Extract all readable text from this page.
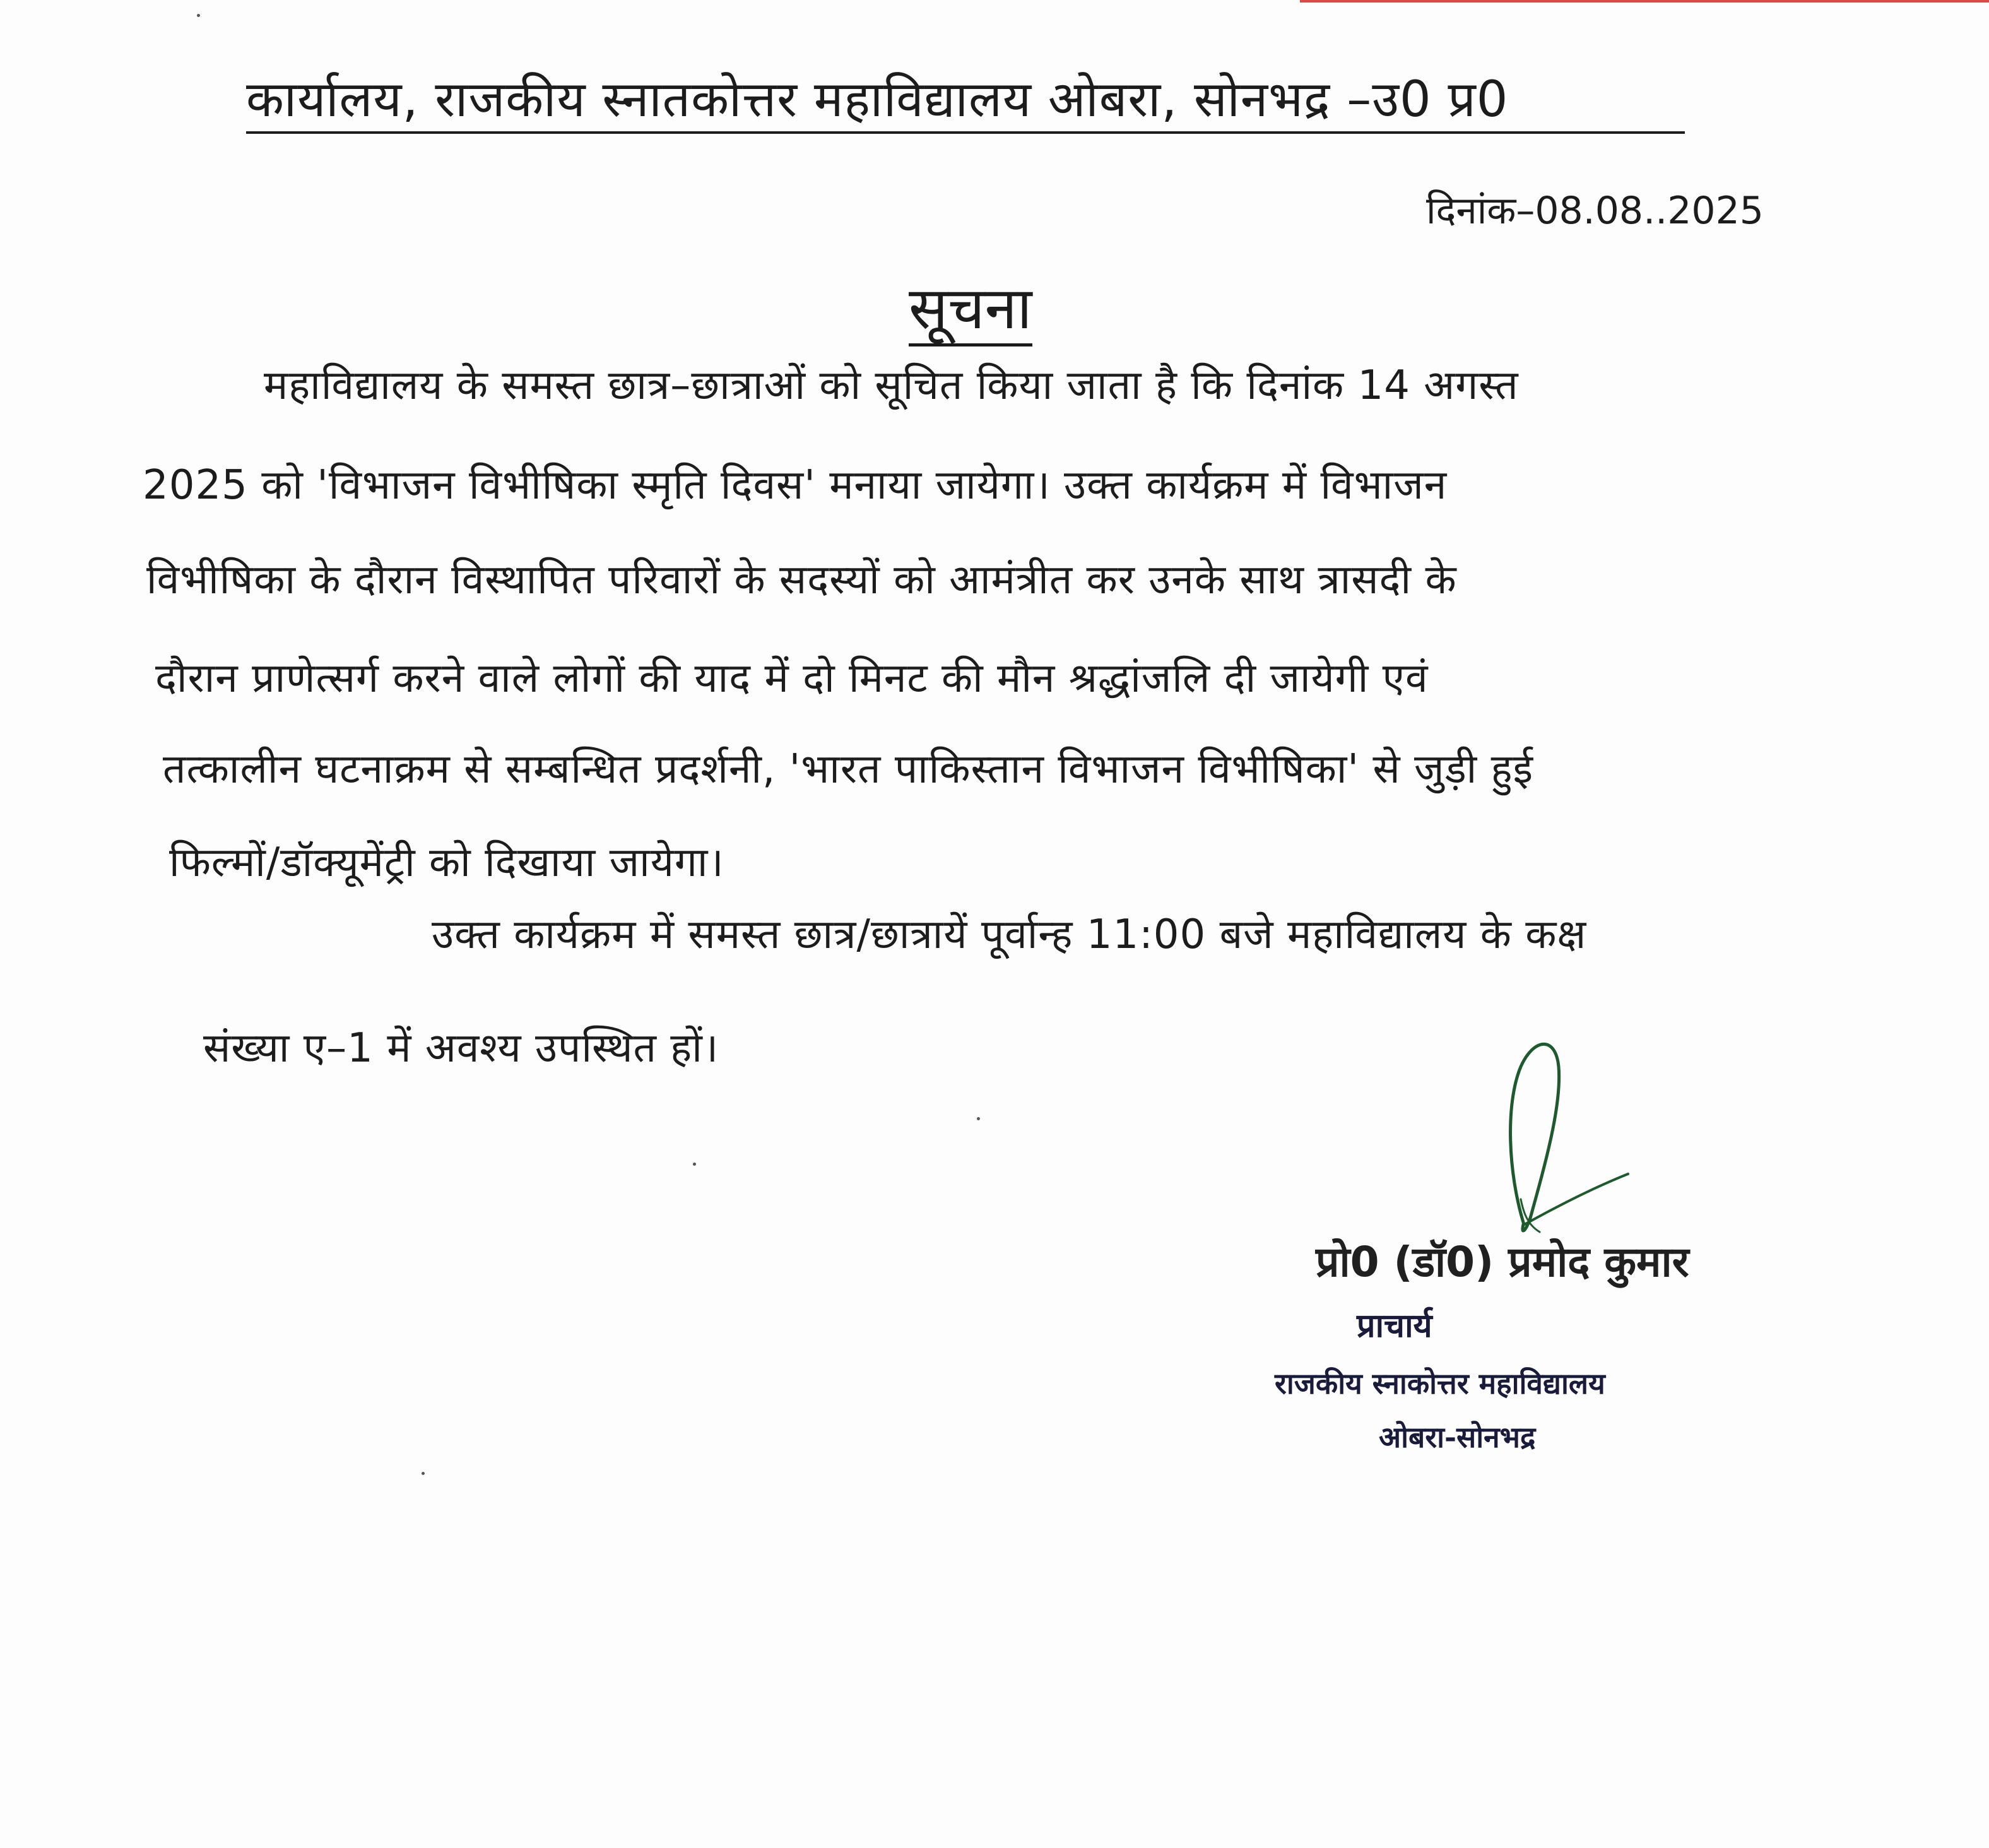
कार्यालय, राजकीय स्नातकोत्तर महाविद्यालय ओबरा, सोनभद्र –उ0 प्र0
दिनांक–08.08..2025
सूचना
महाविद्यालय के समस्त छात्र–छात्राओं को सूचित किया जाता है कि दिनांक 14 अगस्त
2025 को 'विभाजन विभीषिका स्मृति दिवस' मनाया जायेगा। उक्त कार्यक्रम में विभाजन
विभीषिका के दौरान विस्थापित परिवारों के सदस्यों को आमंत्रीत कर उनके साथ त्रासदी के
दौरान प्राणेत्सर्ग करने वाले लोगों की याद में दो मिनट की मौन श्रद्धांजलि दी जायेगी एवं
तत्कालीन घटनाक्रम से सम्बन्धित प्रदर्शनी, 'भारत पाकिस्तान विभाजन विभीषिका' से जुड़ी हुई
फिल्मों/डॉक्यूमेंट्री को दिखाया जायेगा।
उक्त कार्यक्रम में समस्त छात्र/छात्रायें पूर्वान्ह 11:00 बजे महाविद्यालय के कक्ष
संख्या ए–1 में अवश्य उपस्थित हों।
प्रो0 (डॉ0) प्रमोद कुमार
प्राचार्य
राजकीय स्नाकोत्तर महाविद्यालय
ओबरा-सोनभद्र
